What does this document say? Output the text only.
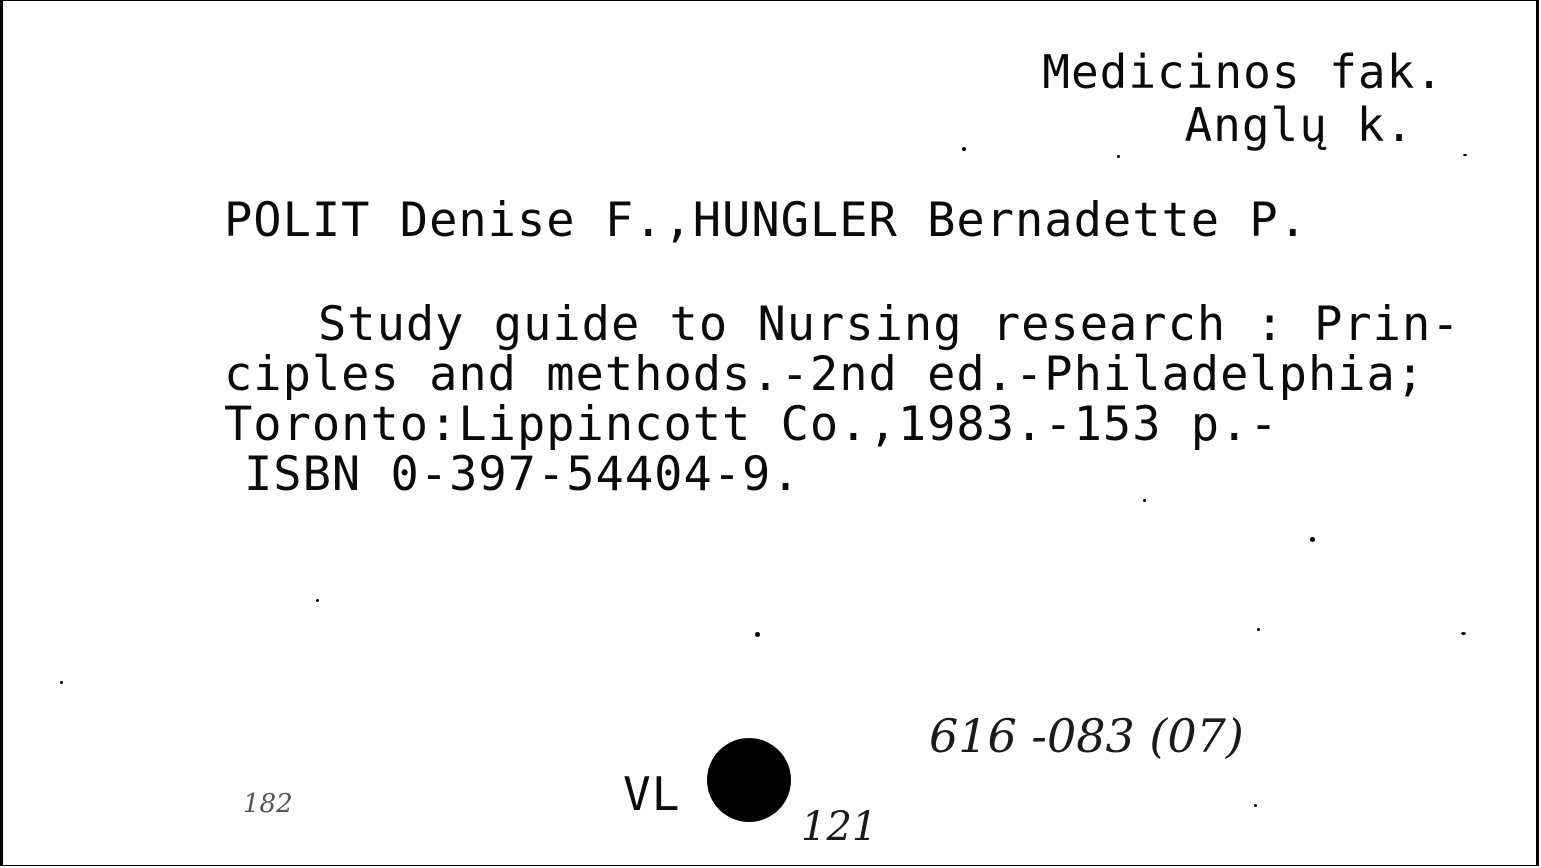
Medicinos fak.
Anglų k.
POLIT Denise F.,HUNGLER Bernadette P.
Study guide to Nursing research : Prin-
ciples and methods.-2nd ed.-Philadelphia;
Toronto:Lippincott Co.,1983.-153 p.-
ISBN 0-397-54404-9.
616 -083 (07)
VL
121
182
